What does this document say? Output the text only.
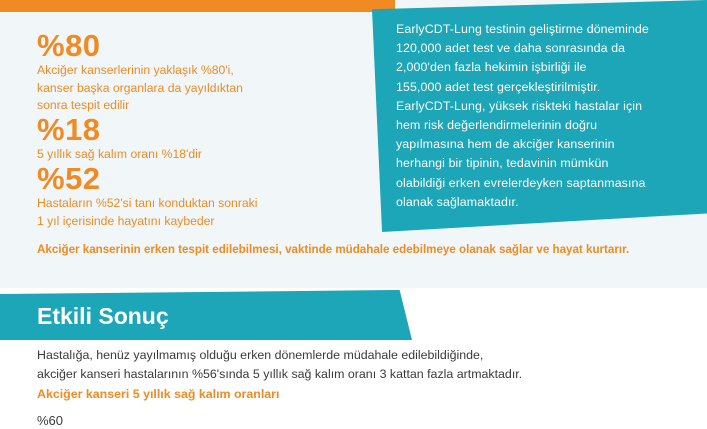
EarlyCDT-Lung testinin geliştirme döneminde
120,000 adet test ve daha sonrasında da
2,000'den fazla hekimin işbirliği ile
155,000 adet test gerçekleştirilmiştir.
EarlyCDT-Lung, yüksek riskteki hastalar için
hem risk değerlendirmelerinin doğru
yapılmasına hem de akciğer kanserinin
herhangi bir tipinin, tedavinin mümkün
olabildiği erken evrelerdeyken saptanmasına
olanak sağlamaktadır.
%80
Akciğer kanserlerinin yaklaşık %80'i,
kanser başka organlara da yayıldıktan
sonra tespit edilir
%18
5 yıllık sağ kalım oranı %18'dir
%52
Hastaların %52'si tanı konduktan sonraki
1 yıl içerisinde hayatını kaybeder
Akciğer kanserinin erken tespit edilebilmesi, vaktinde müdahale edebilmeye olanak sağlar ve hayat kurtarır.
Etkili Sonuç
Hastalığa, henüz yayılmamış olduğu erken dönemlerde müdahale edilebildiğinde,
akciğer kanseri hastalarının %56'sında 5 yıllık sağ kalım oranı 3 kattan fazla artmaktadır.
Akciğer kanseri 5 yıllık sağ kalım oranları
%60
